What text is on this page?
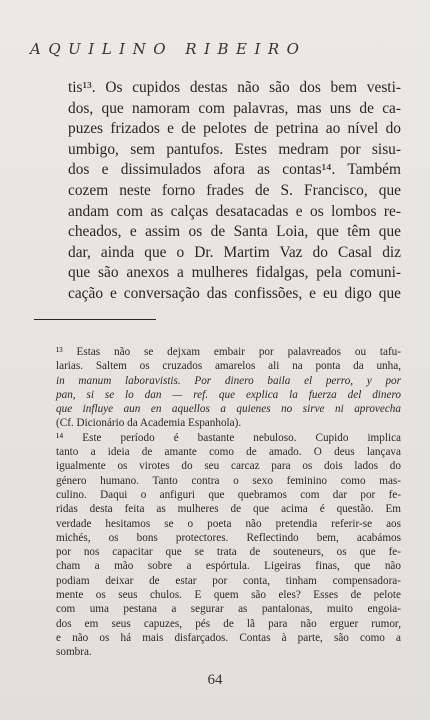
AQUILINO RIBEIRO
tis¹³. Os cupidos destas não são dos bem vesti-
dos, que namoram com palavras, mas uns de ca-
puzes frizados e de pelotes de petrina ao nível do
umbigo, sem pantufos. Estes medram por sisu-
dos e dissimulados afora as contas¹⁴. Também
cozem neste forno frades de S. Francisco, que
andam com as calças desatacadas e os lombos re-
cheados, e assim os de Santa Loia, que têm que
dar, ainda que o Dr. Martim Vaz do Casal diz
que são anexos a mulheres fidalgas, pela comuni-
cação e conversação das confissões, e eu digo que
¹³ Estas não se dejxam embair por palavreados ou tafu-
larias. Saltem os cruzados amarelos ali na ponta da unha,
in manum laboravistis. Por dinero baila el perro, y por
pan, si se lo dan — ref. que explica la fuerza del dinero
que influye aun en aquellos a quienes no sirve ni aprovecha
(Cf. Dicionário da Academia Espanhola).
¹⁴ Este período é bastante nebuloso. Cupido implica
tanto a ideia de amante como de amado. O deus lançava
igualmente os virotes do seu carcaz para os dois lados do
género humano. Tanto contra o sexo feminino como mas-
culino. Daqui o anfiguri que quebramos com dar por fe-
ridas desta feita as mulheres de que acima é questão. Em
verdade hesitamos se o poeta não pretendia referir-se aos
michés, os bons protectores. Reflectindo bem, acabámos
por nos capacitar que se trata de souteneurs, os que fe-
cham a mão sobre a espórtula. Ligeiras finas, que não
podiam deixar de estar por conta, tinham compensadora-
mente os seus chulos. E quem são eles? Esses de pelote
com uma pestana a segurar as pantalonas, muito engoia-
dos em seus capuzes, pés de lã para não erguer rumor,
e não os há mais disfarçados. Contas à parte, são como a
sombra.
64
